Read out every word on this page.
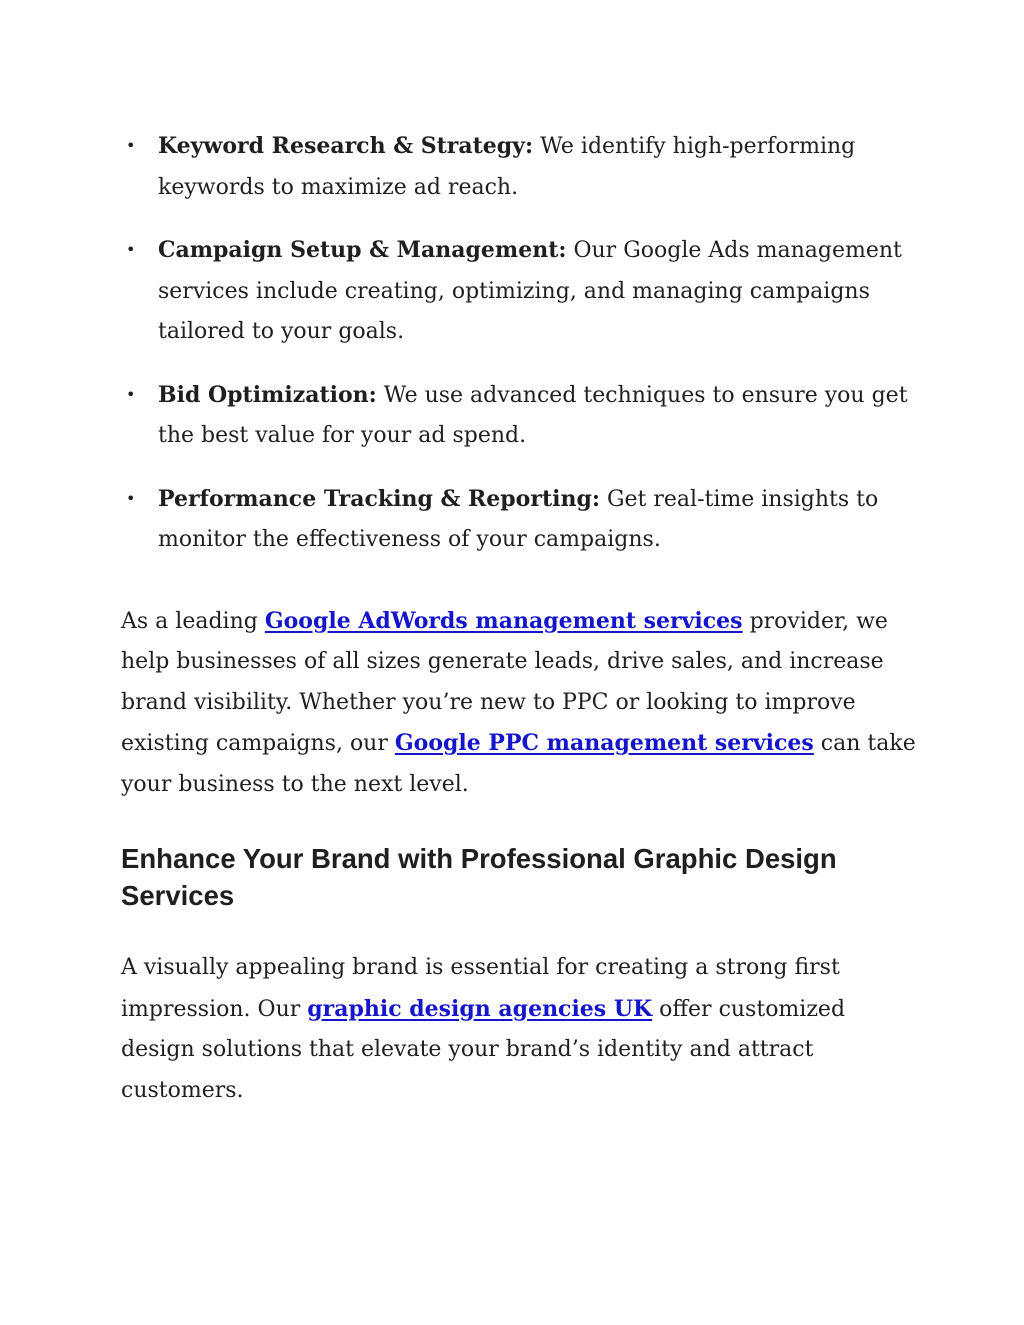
• Keyword Research & Strategy: We identify high-performing keywords to maximize ad reach.
• Campaign Setup & Management: Our Google Ads management services include creating, optimizing, and managing campaigns tailored to your goals.
• Bid Optimization: We use advanced techniques to ensure you get the best value for your ad spend.
• Performance Tracking & Reporting: Get real-time insights to monitor the effectiveness of your campaigns.

As a leading Google AdWords management services provider, we help businesses of all sizes generate leads, drive sales, and increase brand visibility. Whether you’re new to PPC or looking to improve existing campaigns, our Google PPC management services can take your business to the next level.

Enhance Your Brand with Professional Graphic Design Services

A visually appealing brand is essential for creating a strong first impression. Our graphic design agencies UK offer customized design solutions that elevate your brand’s identity and attract customers.
